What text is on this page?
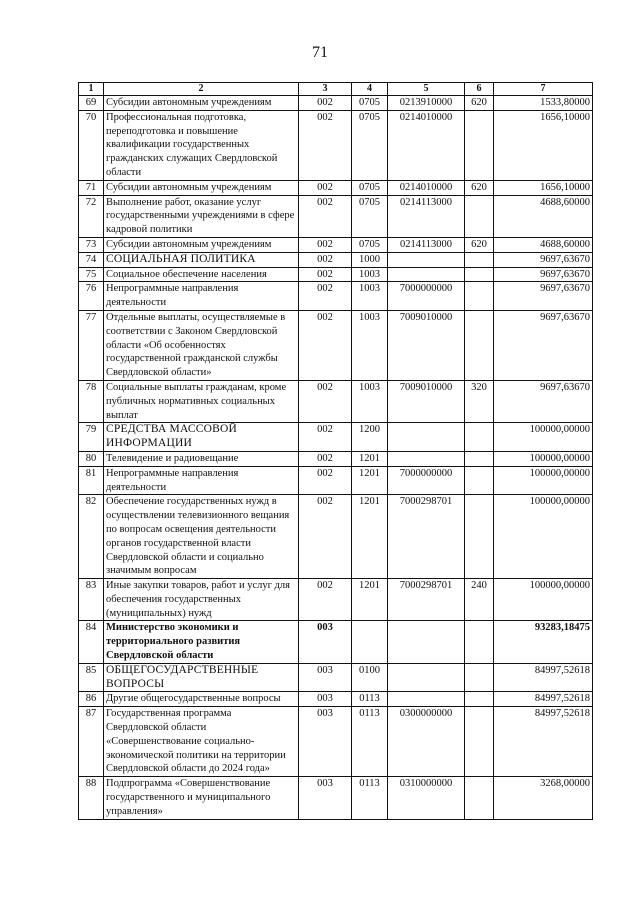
71
1	2	3	4	5	6	7
69	Субсидии автономным учреждениям	002	0705	0213910000	620	1533,80000
70	Профессиональная подготовка, переподготовка и повышение квалификации государственных гражданских служащих Свердловской области	002	0705	0214010000		1656,10000
71	Субсидии автономным учреждениям	002	0705	0214010000	620	1656,10000
72	Выполнение работ, оказание услуг государственными учреждениями в сфере кадровой политики	002	0705	0214113000		4688,60000
73	Субсидии автономным учреждениям	002	0705	0214113000	620	4688,60000
74	СОЦИАЛЬНАЯ ПОЛИТИКА	002	1000			9697,63670
75	Социальное обеспечение населения	002	1003			9697,63670
76	Непрограммные направления деятельности	002	1003	7000000000		9697,63670
77	Отдельные выплаты, осуществляемые в соответствии с Законом Свердловской области «Об особенностях государственной гражданской службы Свердловской области»	002	1003	7009010000		9697,63670
78	Социальные выплаты гражданам, кроме публичных нормативных социальных выплат	002	1003	7009010000	320	9697,63670
79	СРЕДСТВА МАССОВОЙ ИНФОРМАЦИИ	002	1200			100000,00000
80	Телевидение и радиовещание	002	1201			100000,00000
81	Непрограммные направления деятельности	002	1201	7000000000		100000,00000
82	Обеспечение государственных нужд в осуществлении телевизионного вещания по вопросам освещения деятельности органов государственной власти Свердловской области и социально значимым вопросам	002	1201	7000298701		100000,00000
83	Иные закупки товаров, работ и услуг для обеспечения государственных (муниципальных) нужд	002	1201	7000298701	240	100000,00000
84	Министерство экономики и территориального развития Свердловской области	003				93283,18475
85	ОБЩЕГОСУДАРСТВЕННЫЕ ВОПРОСЫ	003	0100			84997,52618
86	Другие общегосударственные вопросы	003	0113			84997,52618
87	Государственная программа Свердловской области «Совершенствование социально-экономической политики на территории Свердловской области до 2024 года»	003	0113	0300000000		84997,52618
88	Подпрограмма «Совершенствование государственного и муниципального управления»	003	0113	0310000000		3268,00000
